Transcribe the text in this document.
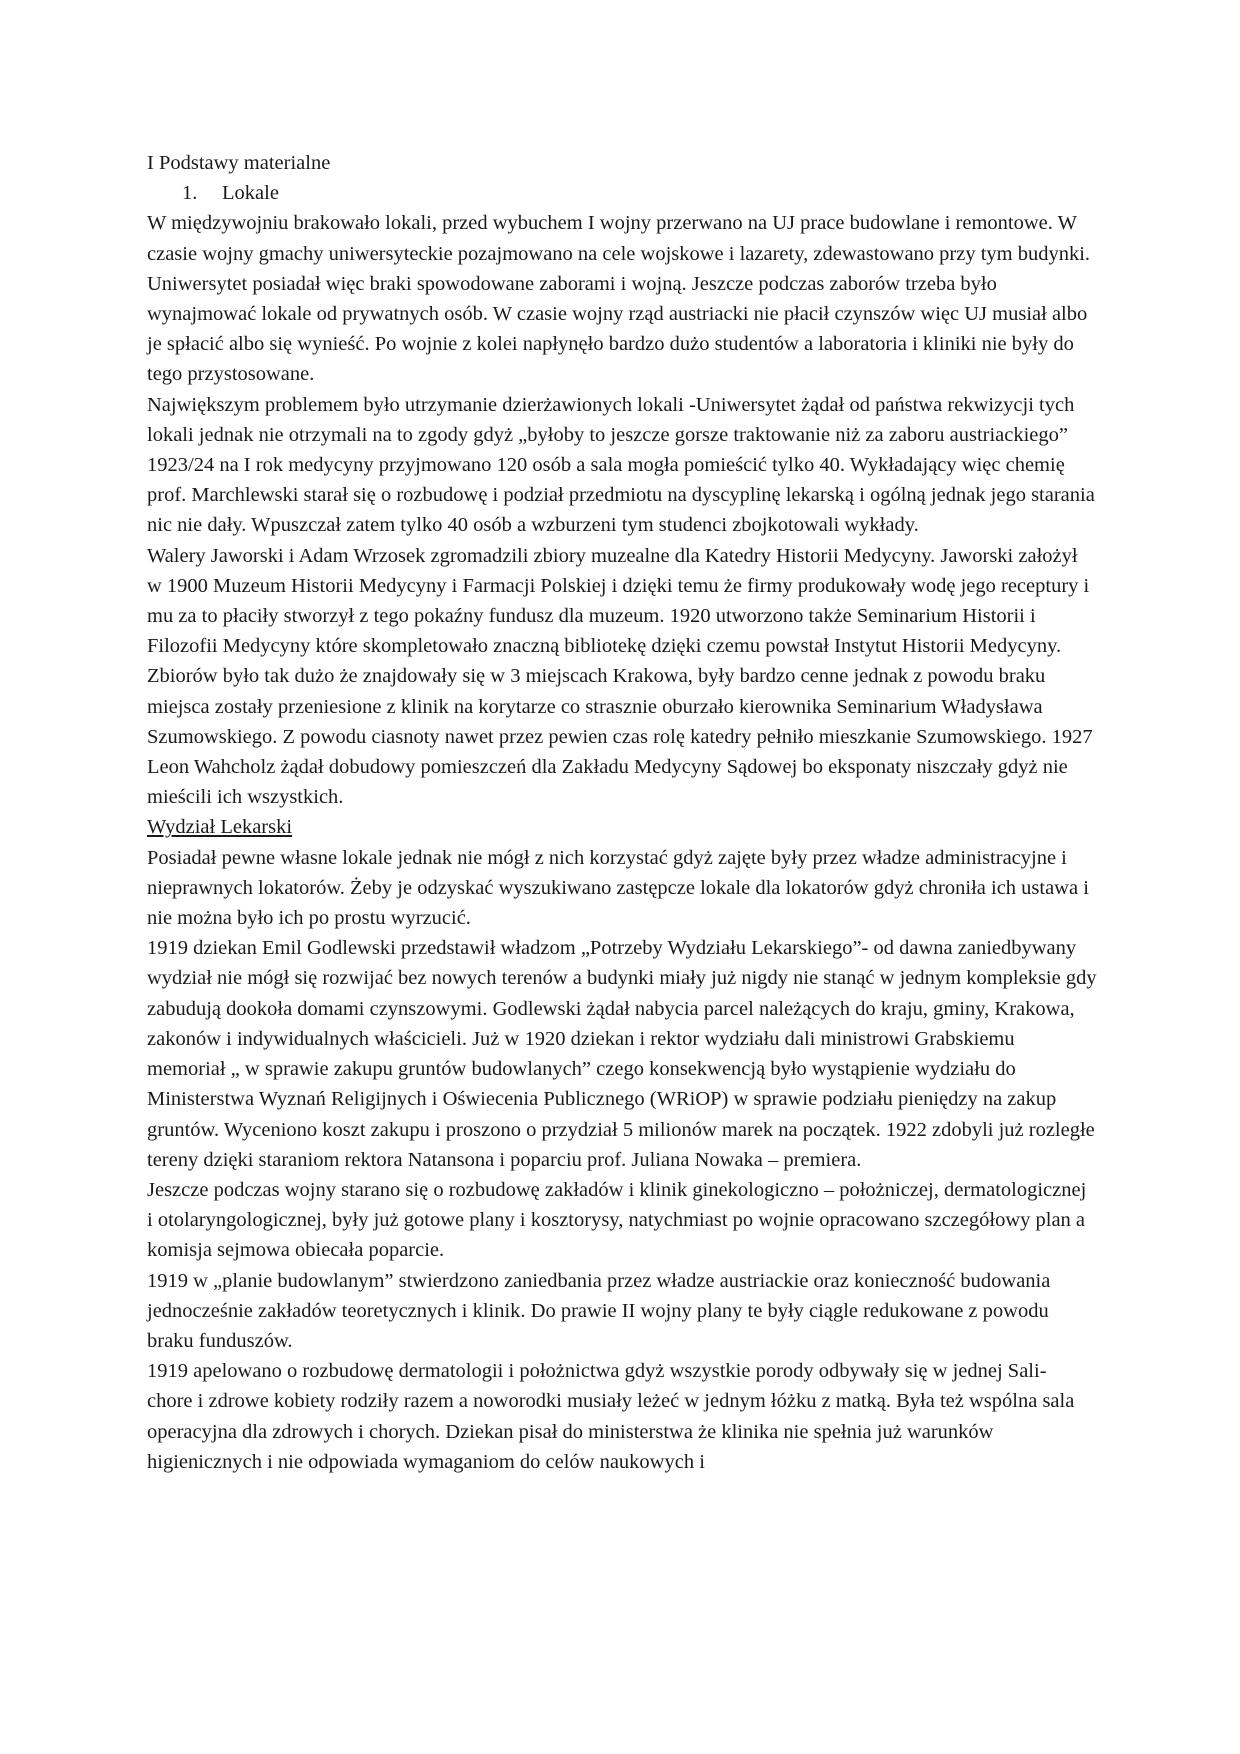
I Podstawy materialne
1. Lokale

W międzywojniu brakowało lokali, przed wybuchem I wojny przerwano na UJ prace budowlane i remontowe. W czasie wojny gmachy uniwersyteckie pozajmowano na cele wojskowe i lazarety, zdewastowano przy tym budynki. Uniwersytet posiadał więc braki spowodowane zaborami i wojną. Jeszcze podczas zaborów trzeba było wynajmować lokale od prywatnych osób. W czasie wojny rząd austriacki nie płacił czynszów więc UJ musiał albo je spłacić albo się wynieść. Po wojnie z kolei napłynęło bardzo dużo studentów a laboratoria i kliniki nie były do tego przystosowane.

Największym problemem było utrzymanie dzierżawionych lokali -Uniwersytet żądał od państwa rekwizycji tych lokali jednak nie otrzymali na to zgody gdyż „byłoby to jeszcze gorsze traktowanie niż za zaboru austriackiego”

1923/24 na I rok medycyny przyjmowano 120 osób a sala mogła pomieścić tylko 40. Wykładający więc chemię prof. Marchlewski starał się o rozbudowę i podział przedmiotu na dyscyplinę lekarską i ogólną jednak jego starania nic nie dały. Wpuszczał zatem tylko 40 osób a wzburzeni tym studenci zbojkotowali wykłady.

Walery Jaworski i Adam Wrzosek zgromadzili zbiory muzealne dla Katedry Historii Medycyny. Jaworski założył w 1900 Muzeum Historii Medycyny i Farmacji Polskiej i dzięki temu że firmy produkowały wodę jego receptury i mu za to płaciły stworzył z tego pokaźny fundusz dla muzeum. 1920 utworzono także Seminarium Historii i Filozofii Medycyny które skompletowało znaczną bibliotekę dzięki czemu powstał Instytut Historii Medycyny. Zbiorów było tak dużo że znajdowały się w 3 miejscach Krakowa, były bardzo cenne jednak z powodu braku miejsca zostały przeniesione z klinik na korytarze co strasznie oburzało kierownika Seminarium Władysława Szumowskiego. Z powodu ciasnoty nawet przez pewien czas rolę katedry pełniło mieszkanie Szumowskiego. 1927 Leon Wahcholz żądał dobudowy pomieszczeń dla Zakładu Medycyny Sądowej bo eksponaty niszczały gdyż nie mieścili ich wszystkich.

Wydział Lekarski

Posiadał pewne własne lokale jednak nie mógł z nich korzystać gdyż zajęte były przez władze administracyjne i nieprawnych lokatorów. Żeby je odzyskać wyszukiwano zastępcze lokale dla lokatorów gdyż chroniła ich ustawa i nie można było ich po prostu wyrzucić.

1919 dziekan Emil Godlewski przedstawił władzom „Potrzeby Wydziału Lekarskiego”- od dawna zaniedbywany wydział nie mógł się rozwijać bez nowych terenów a budynki miały już nigdy nie stanąć w jednym kompleksie gdy zabudują dookoła domami czynszowymi. Godlewski żądał nabycia parcel należących do kraju, gminy, Krakowa, zakonów i indywidualnych właścicieli. Już w 1920 dziekan i rektor wydziału dali ministrowi Grabskiemu memoriał „ w sprawie zakupu gruntów budowlanych” czego konsekwencją było wystąpienie wydziału do Ministerstwa Wyznań Religijnych i Oświecenia Publicznego (WRiOP) w sprawie podziału pieniędzy na zakup gruntów. Wyceniono koszt zakupu i proszono o przydział 5 milionów marek na początek. 1922 zdobyli już rozległe tereny dzięki staraniom rektora Natansona i poparciu prof. Juliana Nowaka – premiera.

Jeszcze podczas wojny starano się o rozbudowę zakładów i klinik ginekologiczno – położniczej, dermatologicznej i otolaryngologicznej, były już gotowe plany i kosztorysy, natychmiast po wojnie opracowano szczegółowy plan a komisja sejmowa obiecała poparcie.

1919 w „planie budowlanym” stwierdzono zaniedbania przez władze austriackie oraz konieczność budowania jednocześnie zakładów teoretycznych i klinik. Do prawie II wojny plany te były ciągle redukowane z powodu braku funduszów.

1919 apelowano o rozbudowę dermatologii i położnictwa gdyż wszystkie porody odbywały się w jednej Sali- chore i zdrowe kobiety rodziły razem a noworodki musiały leżeć w jednym łóżku z matką. Była też wspólna sala operacyjna dla zdrowych i chorych. Dziekan pisał do ministerstwa że klinika nie spełnia już warunków higienicznych i nie odpowiada wymaganiom do celów naukowych i
